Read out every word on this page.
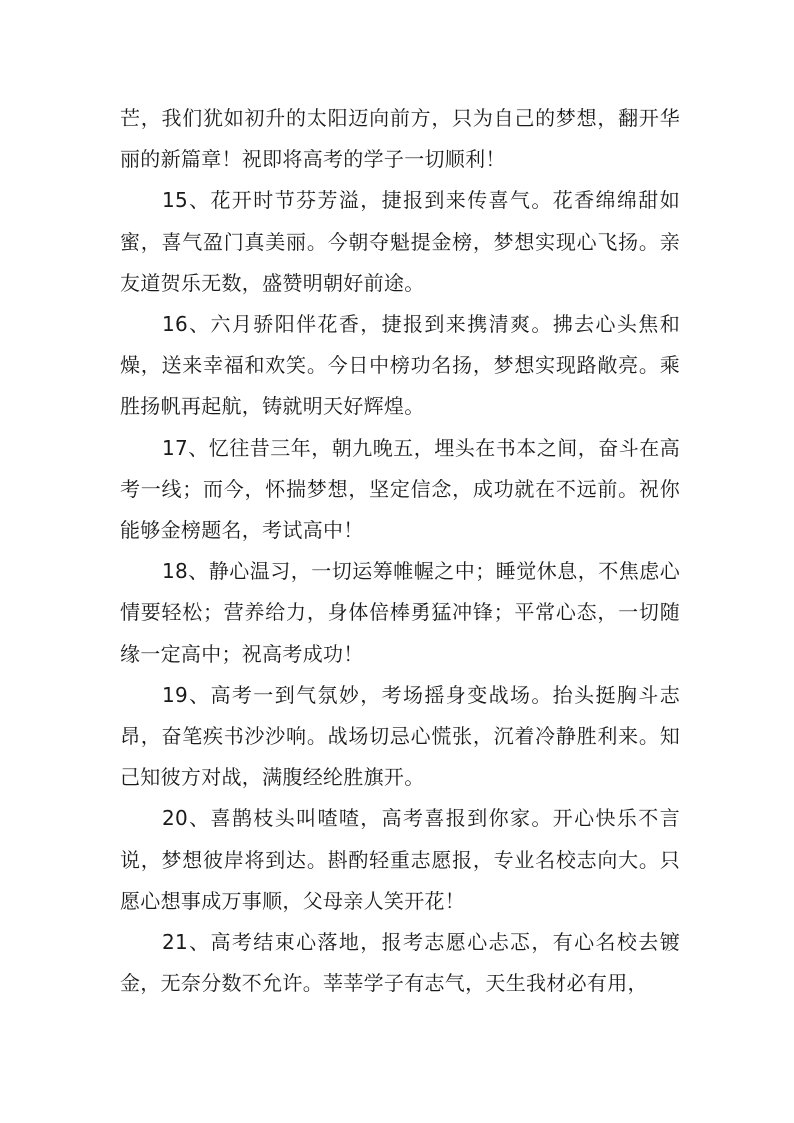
芒，我们犹如初升的太阳迈向前方，只为自己的梦想，翻开华丽的新篇章！祝即将高考的学子一切顺利！

15、花开时节芬芳溢，捷报到来传喜气。花香绵绵甜如蜜，喜气盈门真美丽。今朝夺魁提金榜，梦想实现心飞扬。亲友道贺乐无数，盛赞明朝好前途。

16、六月骄阳伴花香，捷报到来携清爽。拂去心头焦和燥，送来幸福和欢笑。今日中榜功名扬，梦想实现路敞亮。乘胜扬帆再起航，铸就明天好辉煌。

17、忆往昔三年，朝九晚五，埋头在书本之间，奋斗在高考一线；而今，怀揣梦想，坚定信念，成功就在不远前。祝你能够金榜题名，考试高中！

18、静心温习，一切运筹帷幄之中；睡觉休息，不焦虑心情要轻松；营养给力，身体倍棒勇猛冲锋；平常心态，一切随缘一定高中；祝高考成功！

19、高考一到气氛妙，考场摇身变战场。抬头挺胸斗志昂，奋笔疾书沙沙响。战场切忌心慌张，沉着冷静胜利来。知己知彼方对战，满腹经纶胜旗开。

20、喜鹊枝头叫喳喳，高考喜报到你家。开心快乐不言说，梦想彼岸将到达。斟酌轻重志愿报，专业名校志向大。只愿心想事成万事顺，父母亲人笑开花！

21、高考结束心落地，报考志愿心忐忑，有心名校去镀金，无奈分数不允许。莘莘学子有志气，天生我材必有用，
